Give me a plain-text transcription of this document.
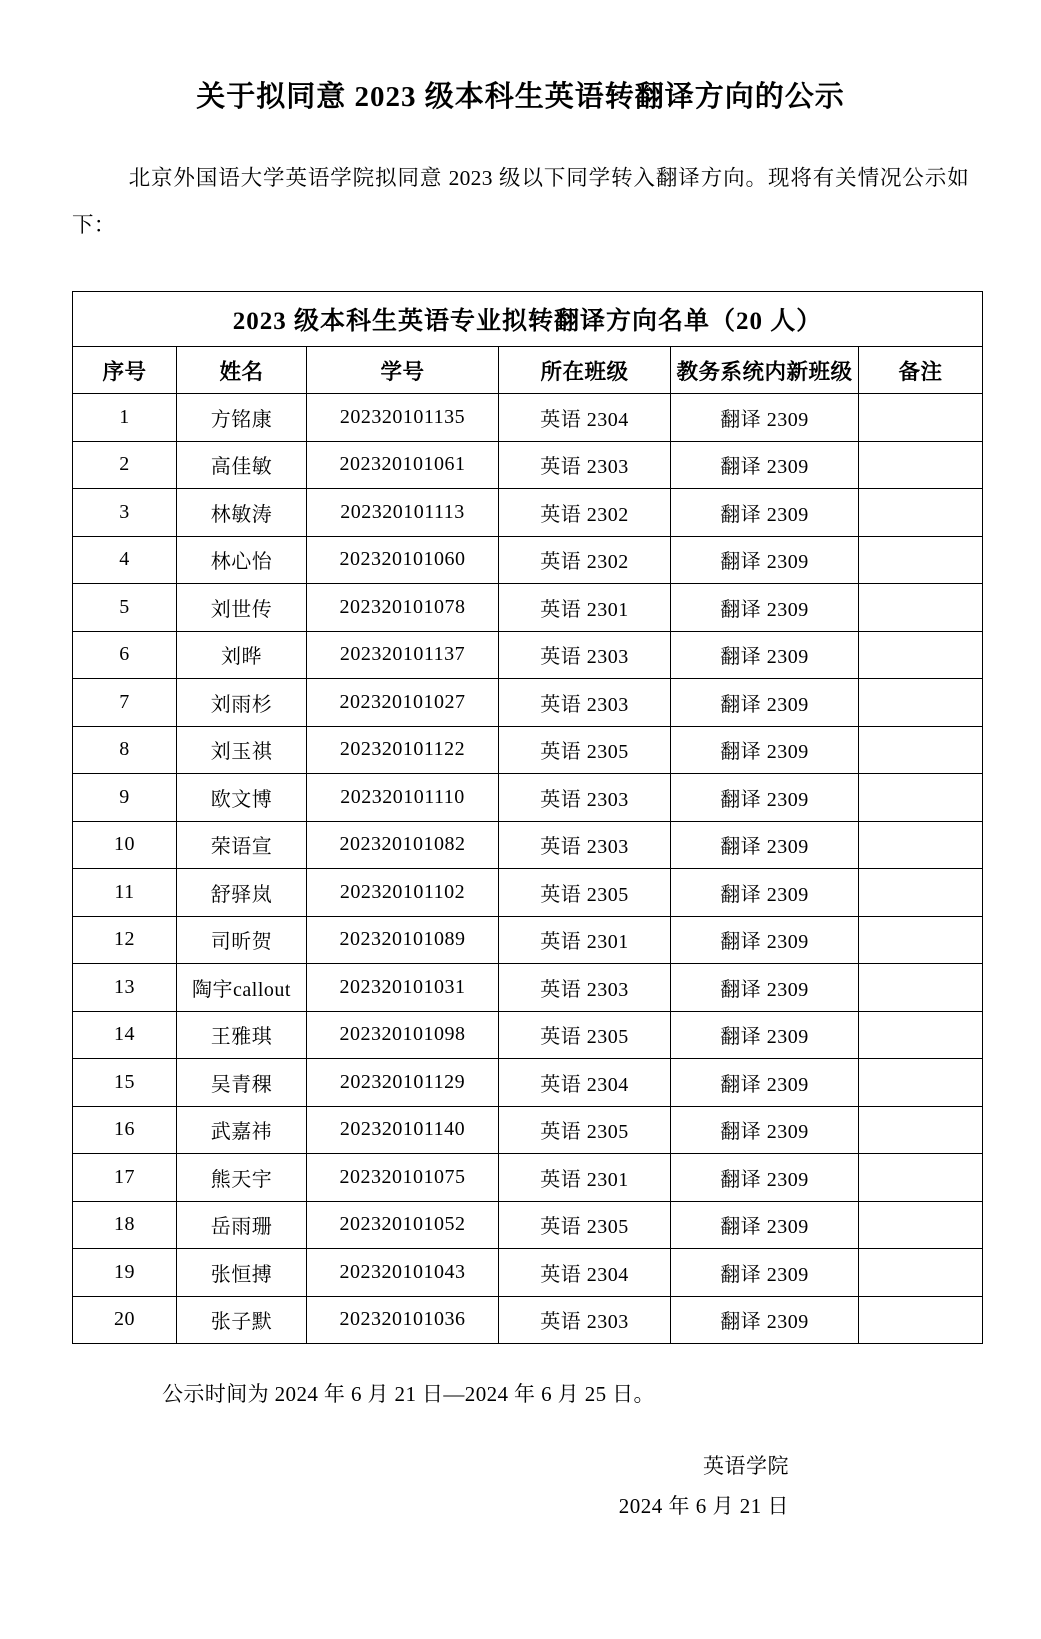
关于拟同意 2023 级本科生英语转翻译方向的公示

北京外国语大学英语学院拟同意 2023 级以下同学转入翻译方向。现将有关情况公示如下：

2023 级本科生英语专业拟转翻译方向名单（20 人）					
序号	姓名	学号	所在班级	教务系统内新班级	备注
1	方铭康	202320101135	英语 2304	翻译 2309	
2	高佳敏	202320101061	英语 2303	翻译 2309	
3	林敏涛	202320101113	英语 2302	翻译 2309	
4	林心怡	202320101060	英语 2302	翻译 2309	
5	刘世传	202320101078	英语 2301	翻译 2309	
6	刘晔	202320101137	英语 2303	翻译 2309	
7	刘雨杉	202320101027	英语 2303	翻译 2309	
8	刘玉祺	202320101122	英语 2305	翻译 2309	
9	欧文博	202320101110	英语 2303	翻译 2309	
10	荣语宣	202320101082	英语 2303	翻译 2309	
11	舒驿岚	202320101102	英语 2305	翻译 2309	
12	司昕贺	202320101089	英语 2301	翻译 2309	
13	陶宇callout	202320101031	英语 2303	翻译 2309	
14	王雅琪	202320101098	英语 2305	翻译 2309	
15	吴青稞	202320101129	英语 2304	翻译 2309	
16	武嘉祎	202320101140	英语 2305	翻译 2309	
17	熊天宇	202320101075	英语 2301	翻译 2309	
18	岳雨珊	202320101052	英语 2305	翻译 2309	
19	张恒搏	202320101043	英语 2304	翻译 2309	
20	张子默	202320101036	英语 2303	翻译 2309	

公示时间为 2024 年 6 月 21 日—2024 年 6 月 25 日。

英语学院
2024 年 6 月 21 日
